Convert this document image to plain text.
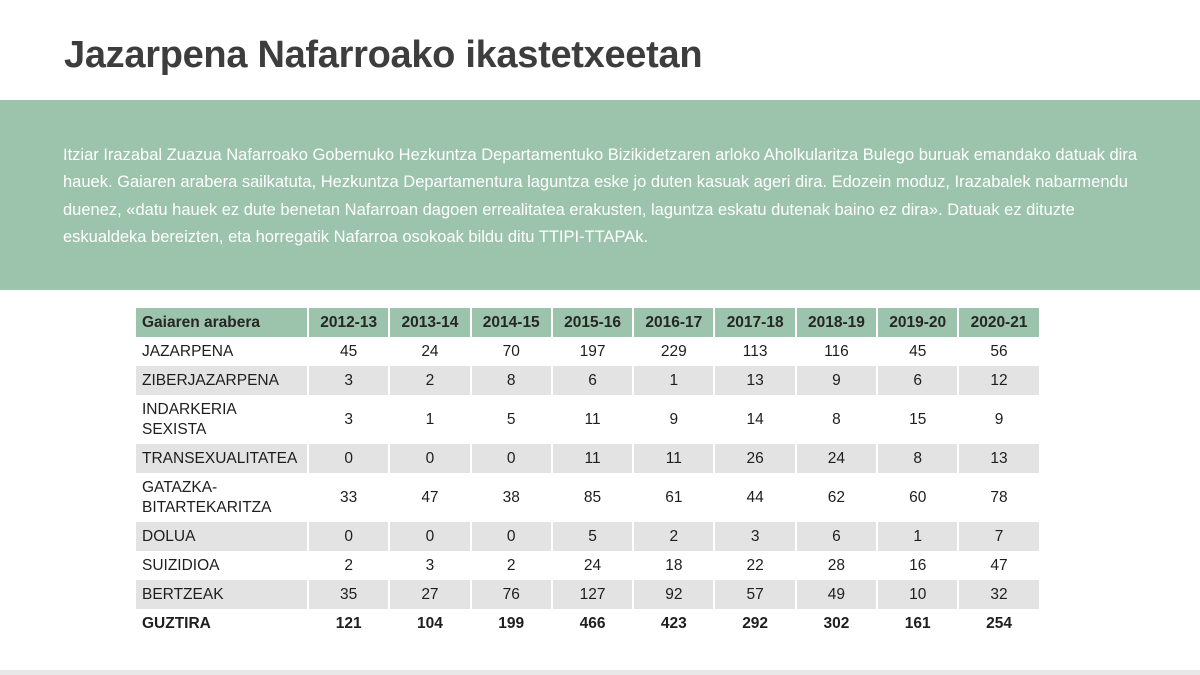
Jazarpena Nafarroako ikastetxeetan

Itziar Irazabal Zuazua Nafarroako Gobernuko Hezkuntza Departamentuko Bizikidetzaren arloko Aholkularitza Bulego buruak emandako datuak dira hauek. Gaiaren arabera sailkatuta, Hezkuntza Departamentura laguntza eske jo duten kasuak ageri dira. Edozein moduz, Irazabalek nabarmendu duenez, «datu hauek ez dute benetan Nafarroan dagoen errealitatea erakusten, laguntza eskatu dutenak baino ez dira». Datuak ez dituzte eskualdeka bereizten, eta horregatik Nafarroa osokoak bildu ditu TTIPI-TTAPAk.

Gaiaren arabera	2012-13	2013-14	2014-15	2015-16	2016-17	2017-18	2018-19	2019-20	2020-21
JAZARPENA	45	24	70	197	229	113	116	45	56
ZIBERJAZARPENA	3	2	8	6	1	13	9	6	12
INDARKERIA SEXISTA	3	1	5	11	9	14	8	15	9
TRANSEXUALITATEA	0	0	0	11	11	26	24	8	13
GATAZKA-BITARTEKARITZA	33	47	38	85	61	44	62	60	78
DOLUA	0	0	0	5	2	3	6	1	7
SUIZIDIOA	2	3	2	24	18	22	28	16	47
BERTZEAK	35	27	76	127	92	57	49	10	32
GUZTIRA	121	104	199	466	423	292	302	161	254
